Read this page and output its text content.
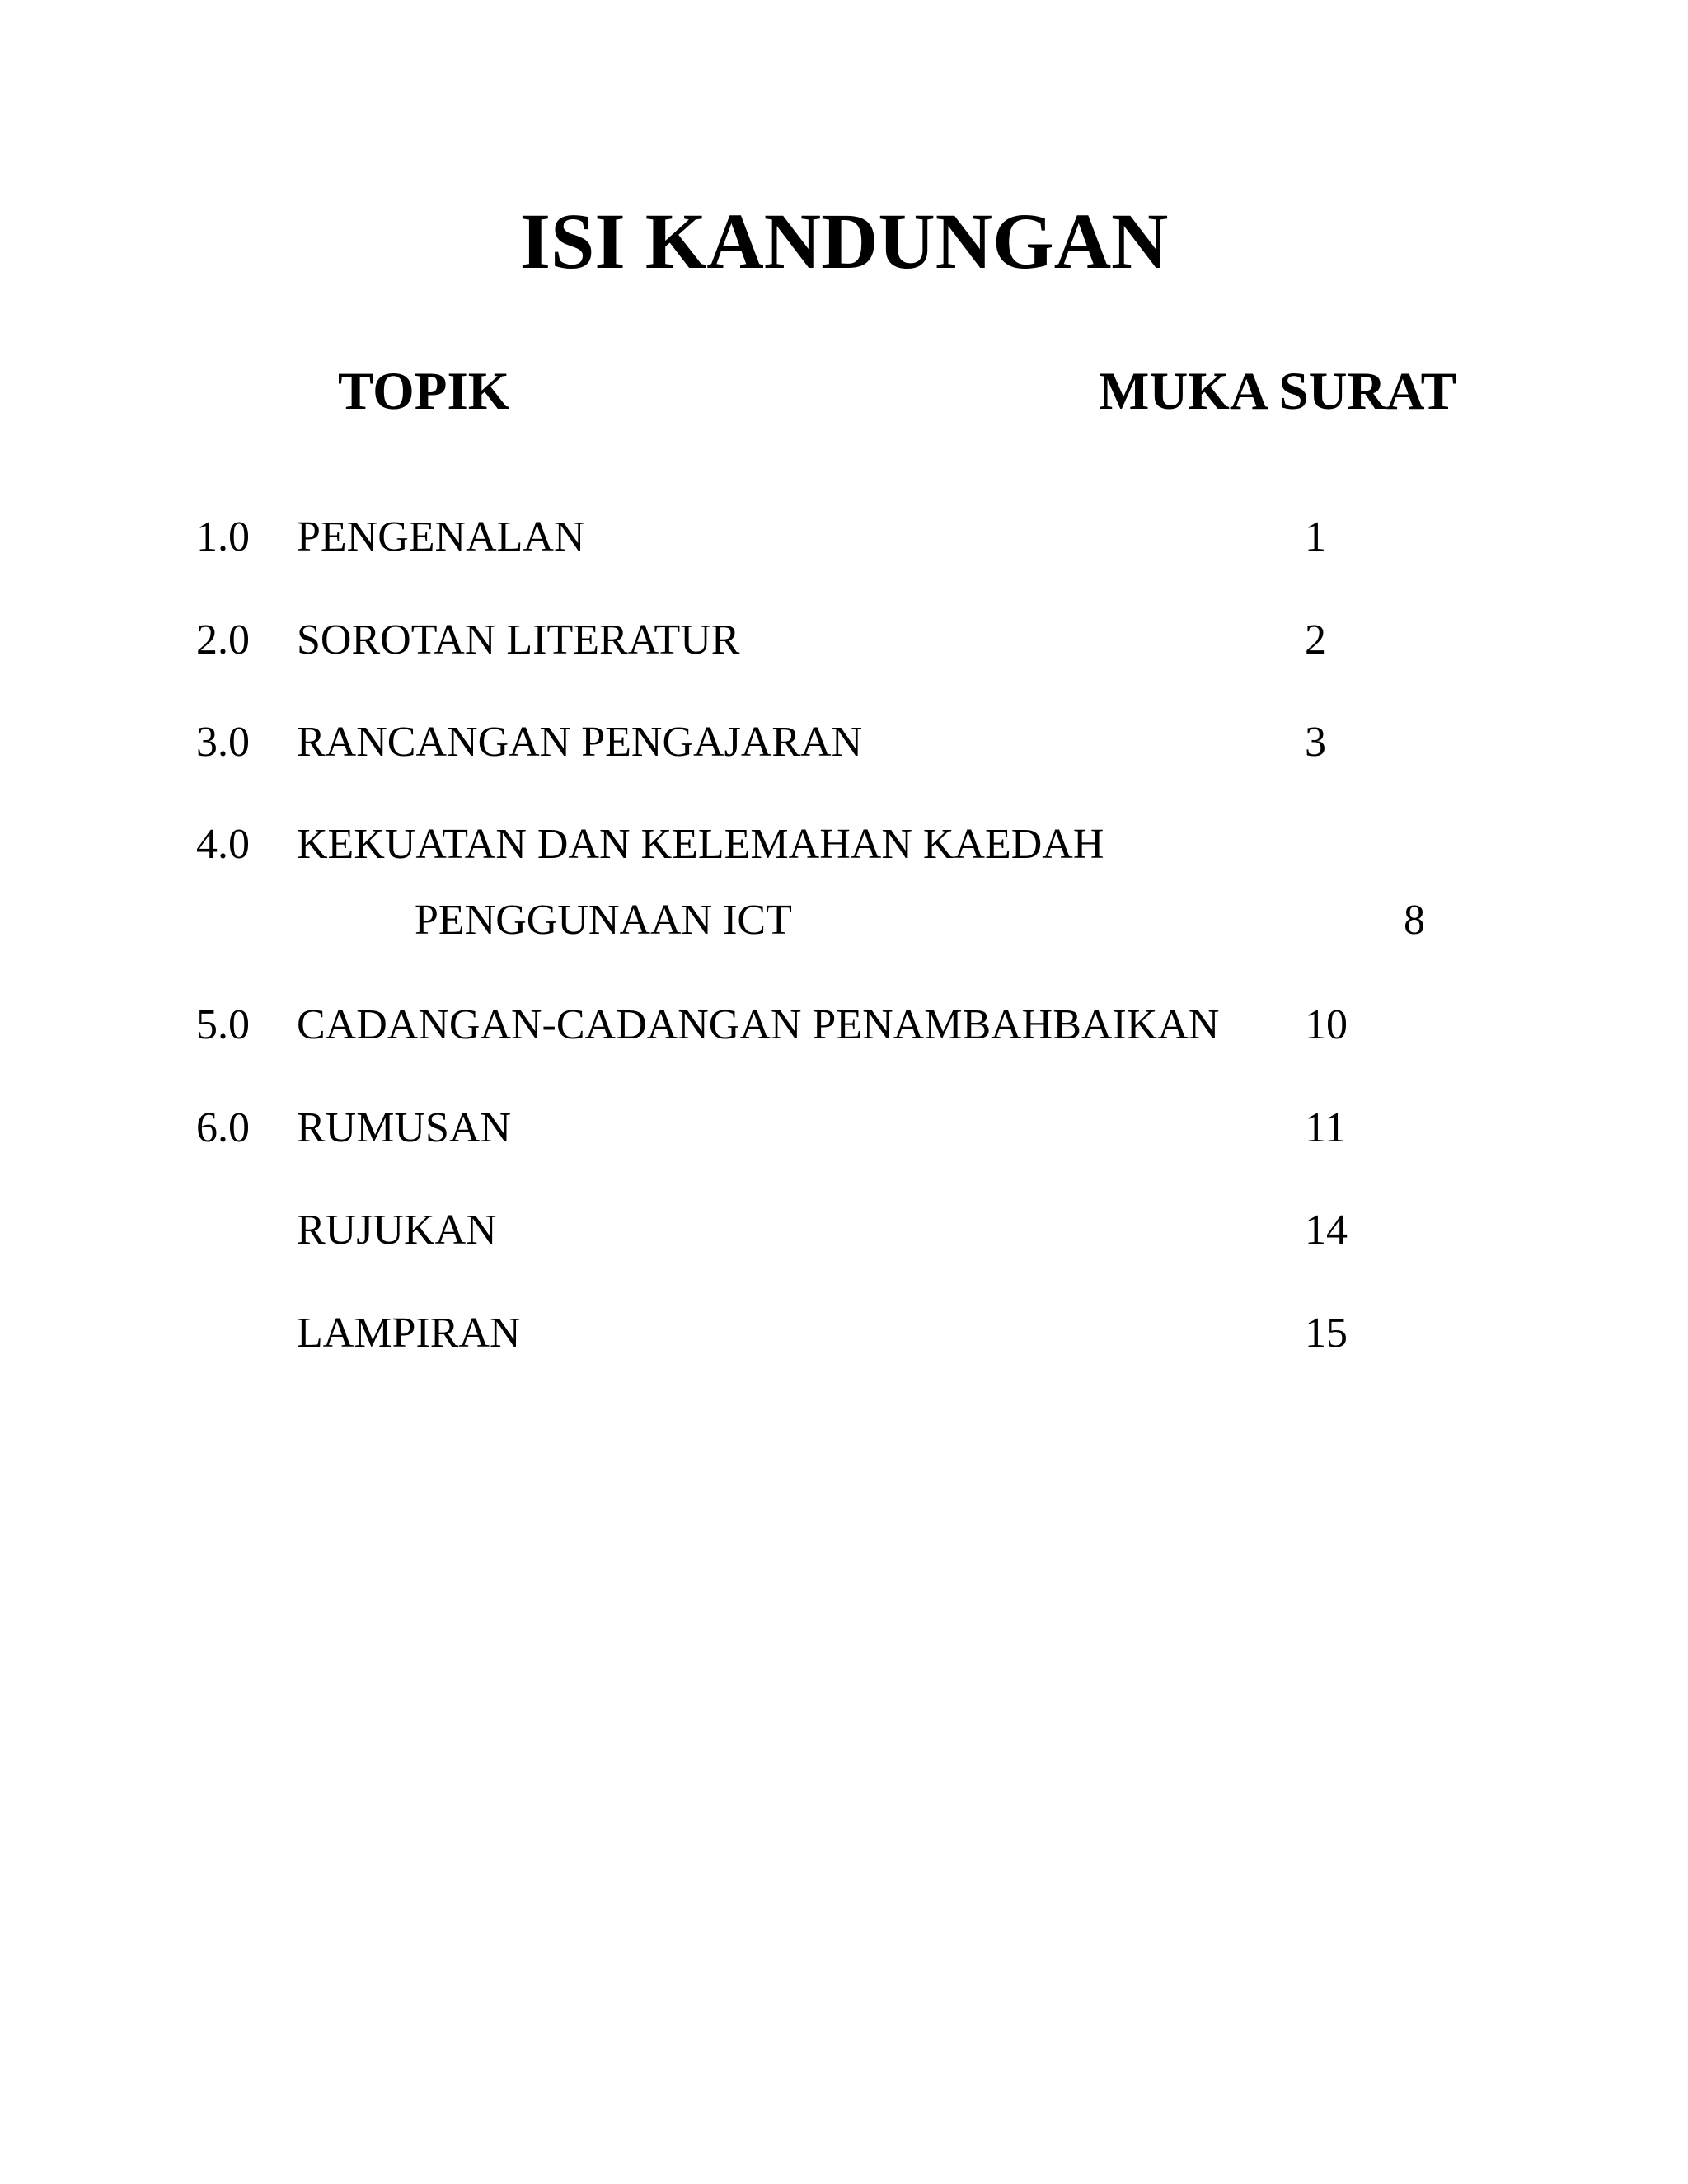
ISI KANDUNGAN
TOPIK	MUKA SURAT
1.0 PENGENALAN	1
2.0 SOROTAN LITERATUR	2
3.0 RANCANGAN PENGAJARAN	3
4.0 KEKUATAN DAN KELEMAHAN KAEDAH
PENGGUNAAN ICT	8
5.0 CADANGAN-CADANGAN PENAMBAHBAIKAN 10
6.0 RUMUSAN	11
RUJUKAN	14
LAMPIRAN	15
